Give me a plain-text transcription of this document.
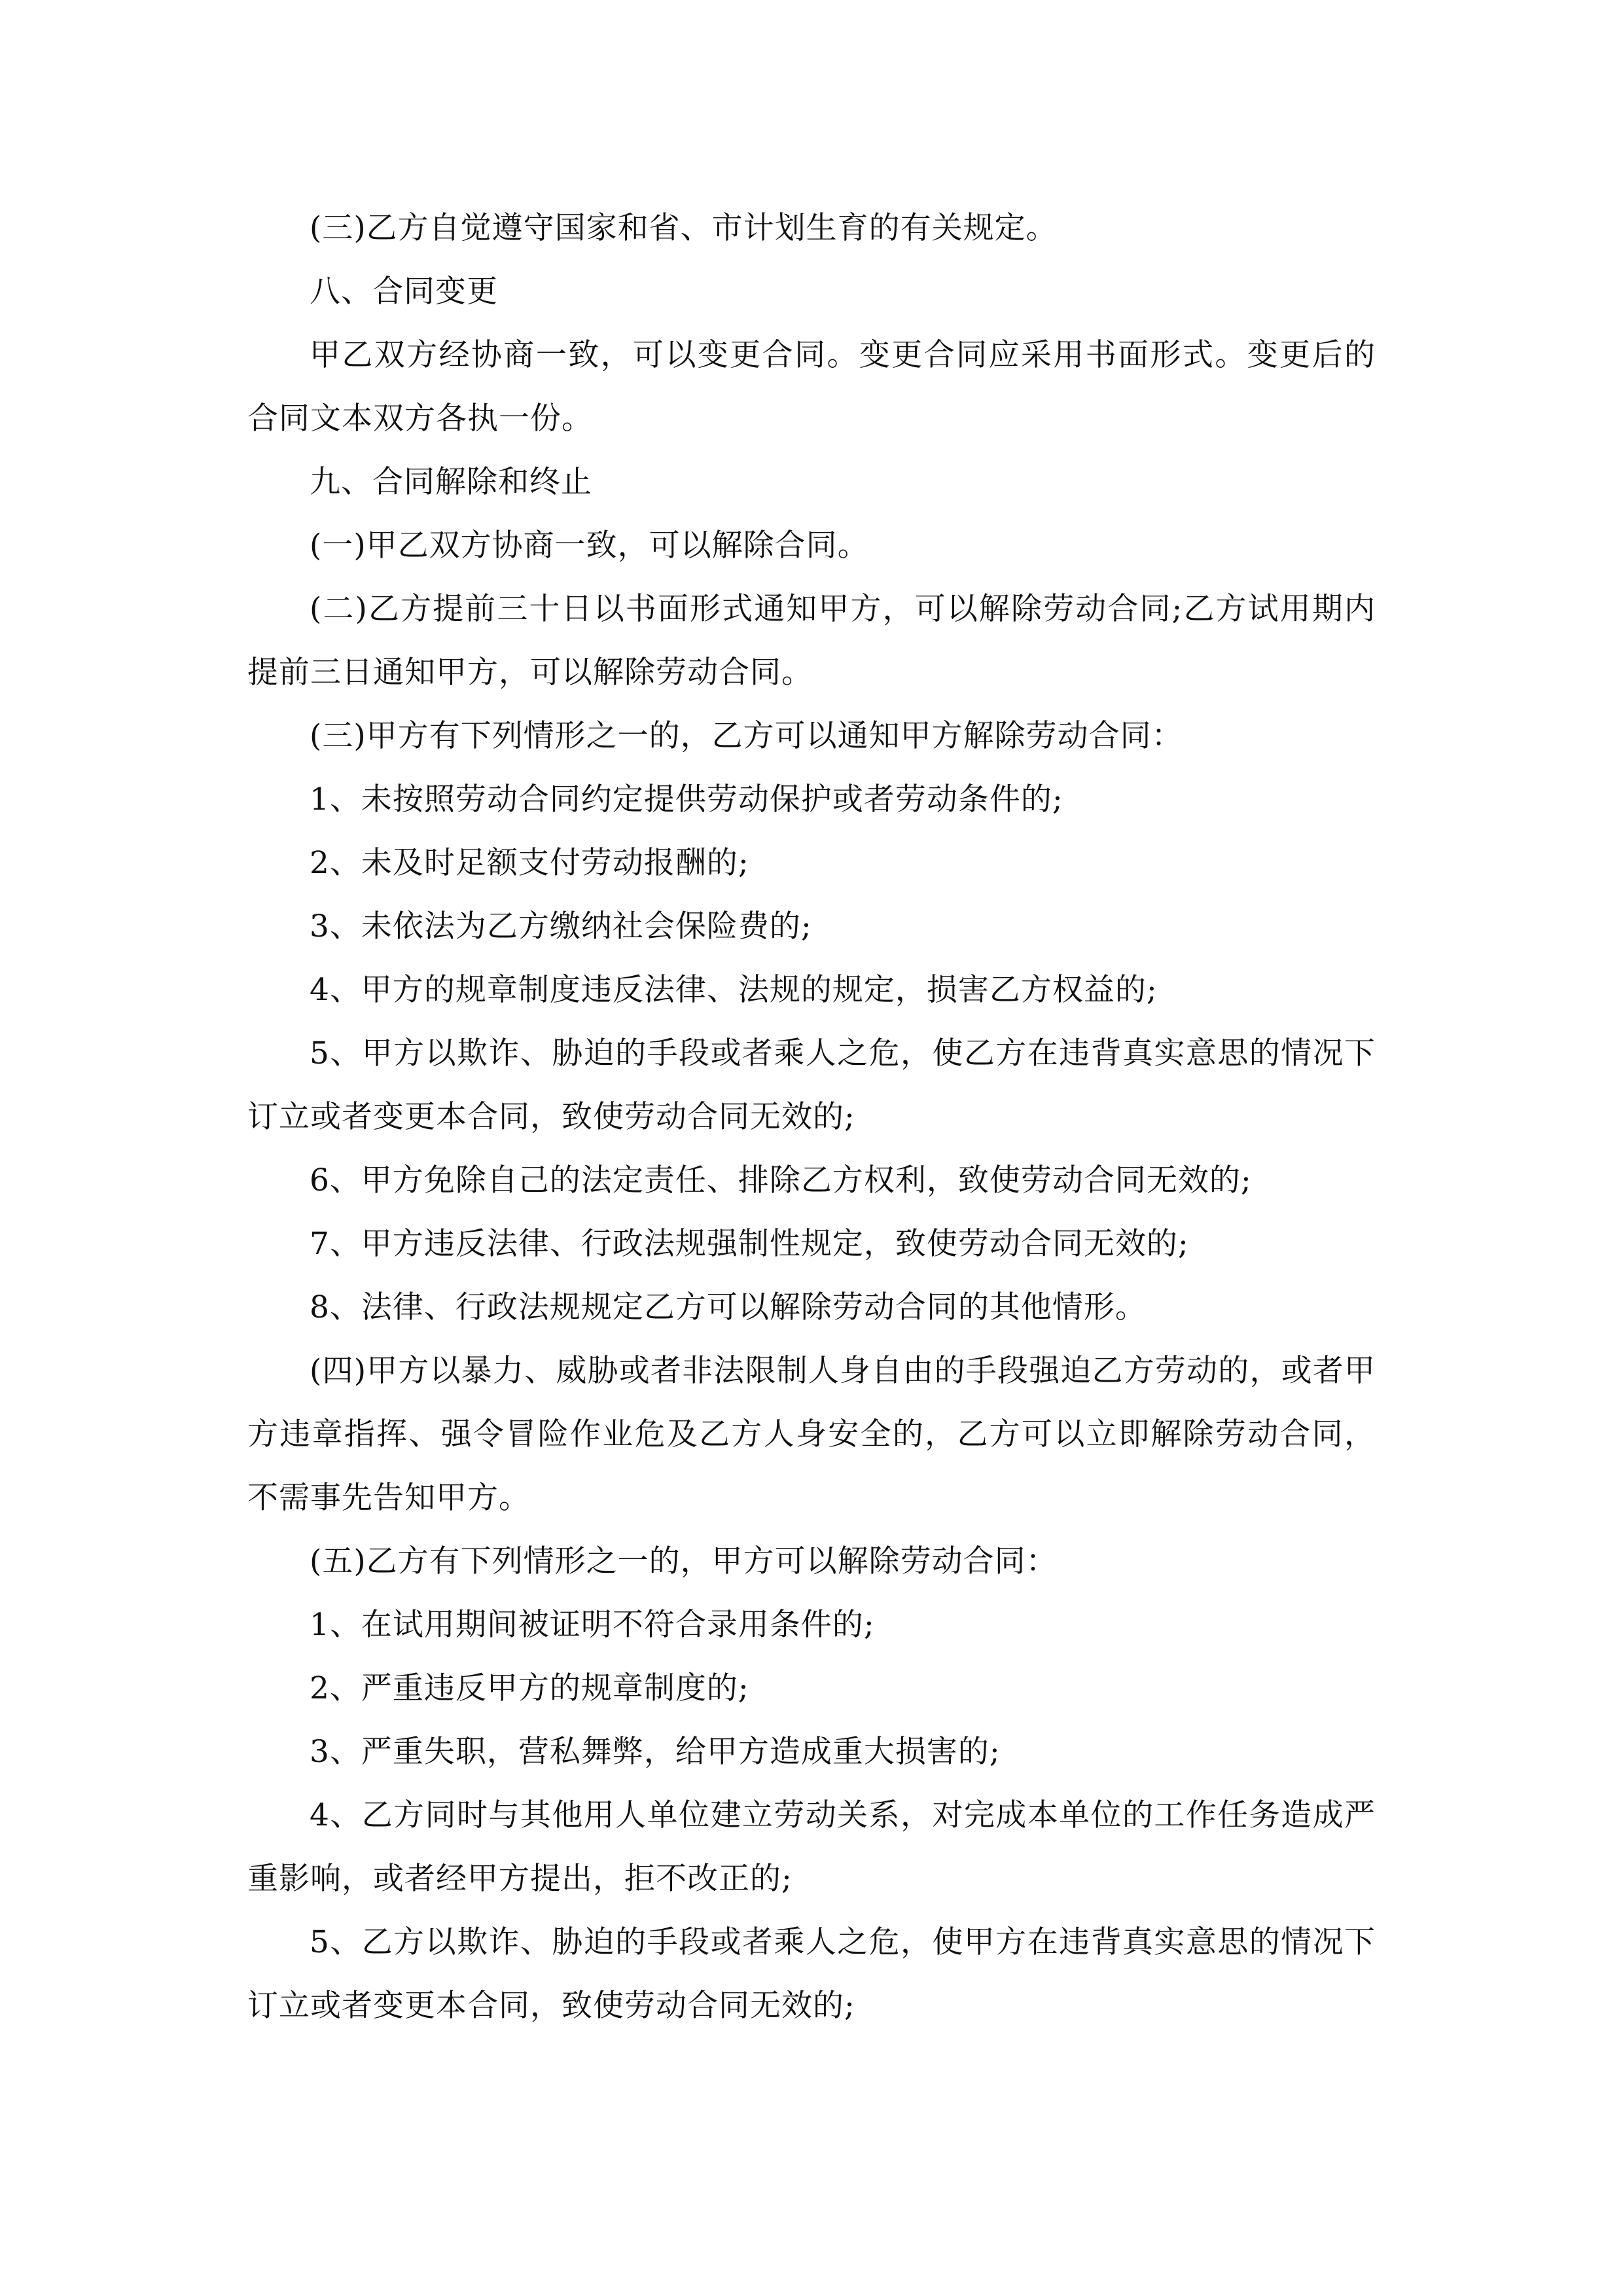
(三)乙方自觉遵守国家和省、市计划生育的有关规定。

八、合同变更

甲乙双方经协商一致，可以变更合同。变更合同应采用书面形式。变更后的合同文本双方各执一份。

九、合同解除和终止

(一)甲乙双方协商一致，可以解除合同。

(二)乙方提前三十日以书面形式通知甲方，可以解除劳动合同;乙方试用期内提前三日通知甲方，可以解除劳动合同。

(三)甲方有下列情形之一的，乙方可以通知甲方解除劳动合同：

1、未按照劳动合同约定提供劳动保护或者劳动条件的;

2、未及时足额支付劳动报酬的;

3、未依法为乙方缴纳社会保险费的;

4、甲方的规章制度违反法律、法规的规定，损害乙方权益的;

5、甲方以欺诈、胁迫的手段或者乘人之危，使乙方在违背真实意思的情况下订立或者变更本合同，致使劳动合同无效的;

6、甲方免除自己的法定责任、排除乙方权利，致使劳动合同无效的;

7、甲方违反法律、行政法规强制性规定，致使劳动合同无效的;

8、法律、行政法规规定乙方可以解除劳动合同的其他情形。

(四)甲方以暴力、威胁或者非法限制人身自由的手段强迫乙方劳动的，或者甲方违章指挥、强令冒险作业危及乙方人身安全的，乙方可以立即解除劳动合同，不需事先告知甲方。

(五)乙方有下列情形之一的，甲方可以解除劳动合同：

1、在试用期间被证明不符合录用条件的;

2、严重违反甲方的规章制度的;

3、严重失职，营私舞弊，给甲方造成重大损害的;

4、乙方同时与其他用人单位建立劳动关系，对完成本单位的工作任务造成严重影响，或者经甲方提出，拒不改正的;

5、乙方以欺诈、胁迫的手段或者乘人之危，使甲方在违背真实意思的情况下订立或者变更本合同，致使劳动合同无效的;
